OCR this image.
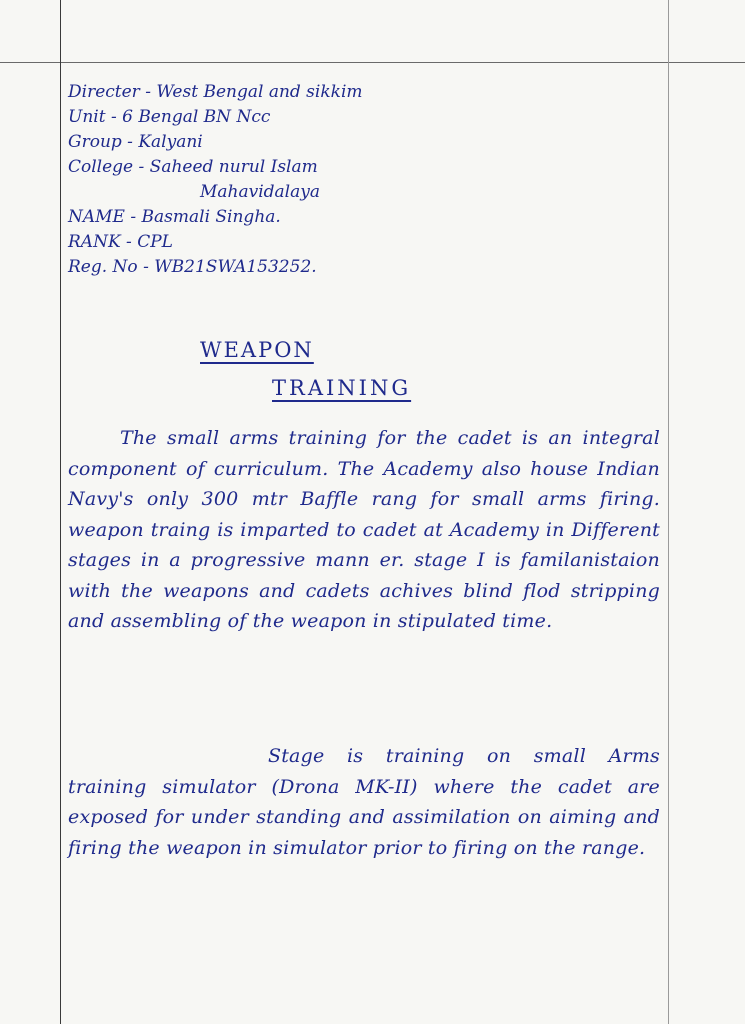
Directer - West Bengal and sikkim
Unit - 6 Bengal BN Ncc
Group - Kalyani
College - Saheed nurul Islam
Mahavidalaya
NAME - Basmali Singha.
RANK - CPL
Reg. No - WB21SWA153252.
WEAPON
TRAINING
The small arms training for the cadet is an integral component of curriculum. The Academy also house Indian Navy's only 300 mtr Baffle rang for small arms firing. weapon traing is imparted to cadet at Academy in Different stages in a progressive mann er. stage I is familanistaion with the weapons and cadets achives blind flod stripping and assembling of the weapon in stipulated time.
Stage is training on small Arms training simulator (Drona MK-II) where the cadet are exposed for under standing and assimilation on aiming and firing the weapon in simulator prior to firing on the range.
